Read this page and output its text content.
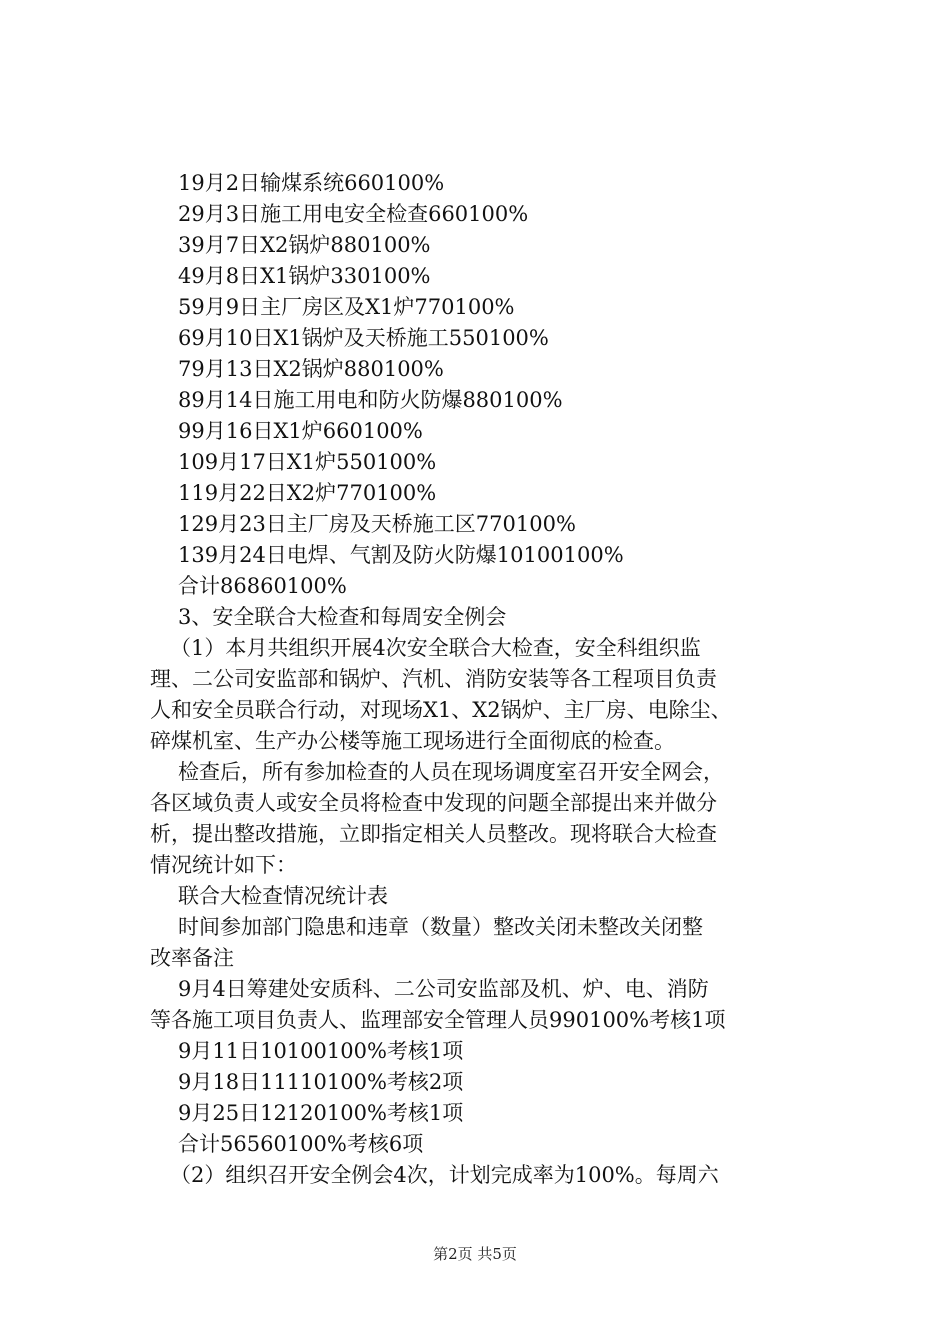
19月2日输煤系统660100%
29月3日施工用电安全检查660100%
39月7日X2锅炉880100%
49月8日X1锅炉330100%
59月9日主厂房区及X1炉770100%
69月10日X1锅炉及天桥施工550100%
79月13日X2锅炉880100%
89月14日施工用电和防火防爆880100%
99月16日X1炉660100%
109月17日X1炉550100%
119月22日X2炉770100%
129月23日主厂房及天桥施工区770100%
139月24日电焊、气割及防火防爆10100100%
合计86860100%
3、安全联合大检查和每周安全例会
（1）本月共组织开展4次安全联合大检查，安全科组织监
理、二公司安监部和锅炉、汽机、消防安装等各工程项目负责
人和安全员联合行动，对现场X1、X2锅炉、主厂房、电除尘、
碎煤机室、生产办公楼等施工现场进行全面彻底的检查。
检查后，所有参加检查的人员在现场调度室召开安全网会，
各区域负责人或安全员将检查中发现的问题全部提出来并做分
析，提出整改措施，立即指定相关人员整改。现将联合大检查
情况统计如下：
联合大检查情况统计表
时间参加部门隐患和违章（数量）整改关闭未整改关闭整
改率备注
9月4日筹建处安质科、二公司安监部及机、炉、电、消防
等各施工项目负责人、监理部安全管理人员990100%考核1项
9月11日10100100%考核1项
9月18日11110100%考核2项
9月25日12120100%考核1项
合计56560100%考核6项
（2）组织召开安全例会4次，计划完成率为100%。每周六
第2页 共5页
